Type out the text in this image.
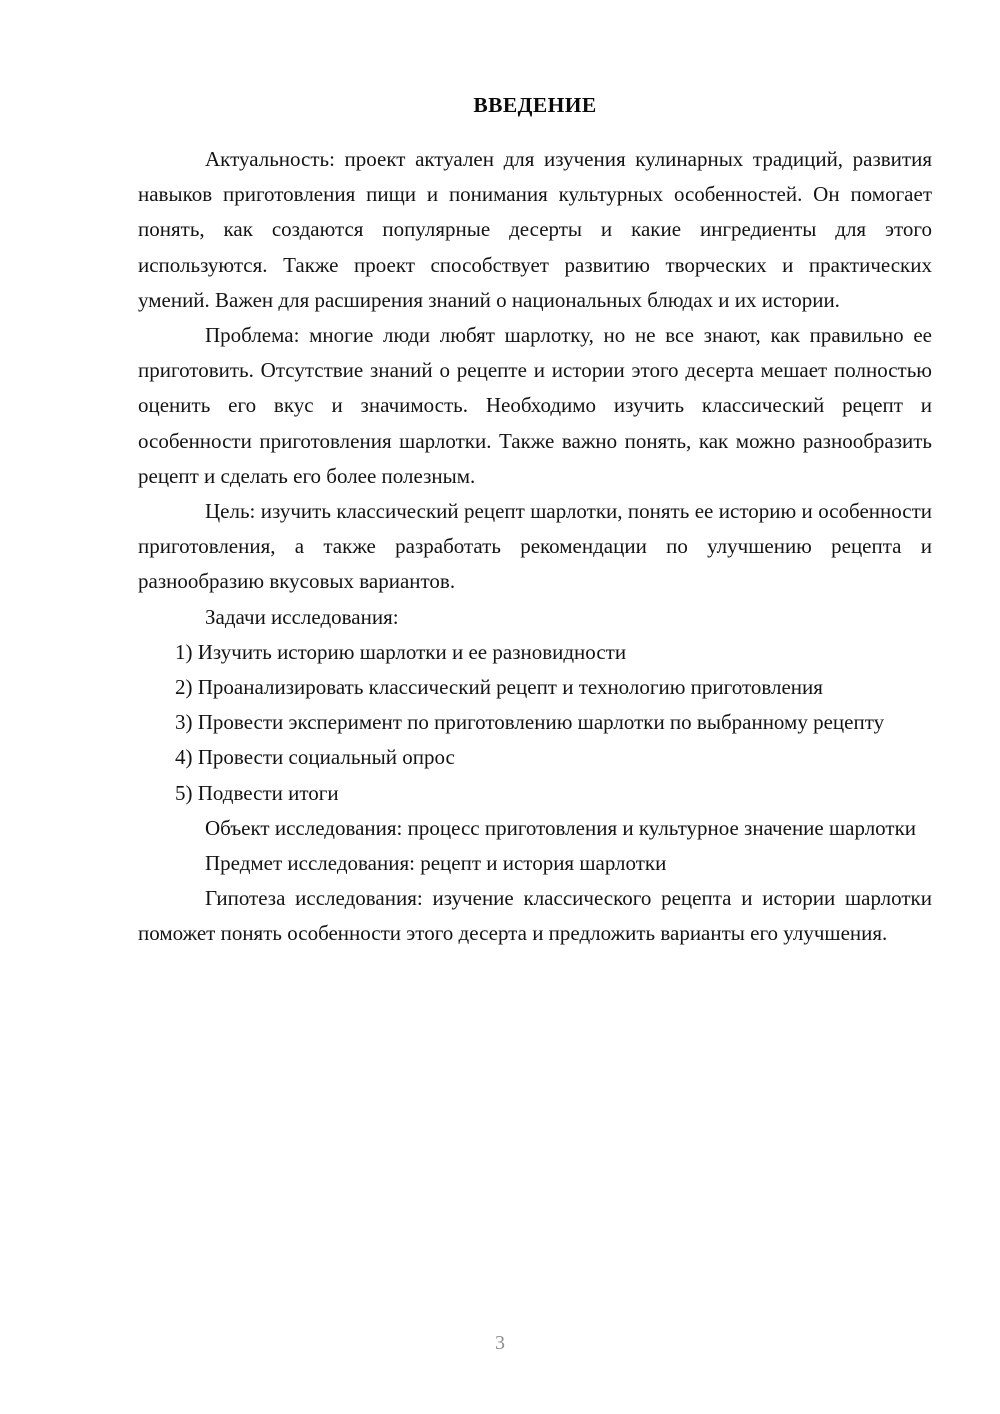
ВВЕДЕНИЕ

Актуальность: проект актуален для изучения кулинарных традиций, развития навыков приготовления пищи и понимания культурных особенностей. Он помогает понять, как создаются популярные десерты и какие ингредиенты для этого используются. Также проект способствует развитию творческих и практических умений. Важен для расширения знаний о национальных блюдах и их истории.

Проблема: многие люди любят шарлотку, но не все знают, как правильно ее приготовить. Отсутствие знаний о рецепте и истории этого десерта мешает полностью оценить его вкус и значимость. Необходимо изучить классический рецепт и особенности приготовления шарлотки. Также важно понять, как можно разнообразить рецепт и сделать его более полезным.

Цель: изучить классический рецепт шарлотки, понять ее историю и особенности приготовления, а также разработать рекомендации по улучшению рецепта и разнообразию вкусовых вариантов.

Задачи исследования:

1) Изучить историю шарлотки и ее разновидности

2) Проанализировать классический рецепт и технологию приготовления

3) Провести эксперимент по приготовлению шарлотки по выбранному рецепту

4) Провести социальный опрос

5) Подвести итоги

Объект исследования: процесс приготовления и культурное значение шарлотки

Предмет исследования: рецепт и история шарлотки

Гипотеза исследования: изучение классического рецепта и истории шарлотки поможет понять особенности этого десерта и предложить варианты его улучшения.

3
